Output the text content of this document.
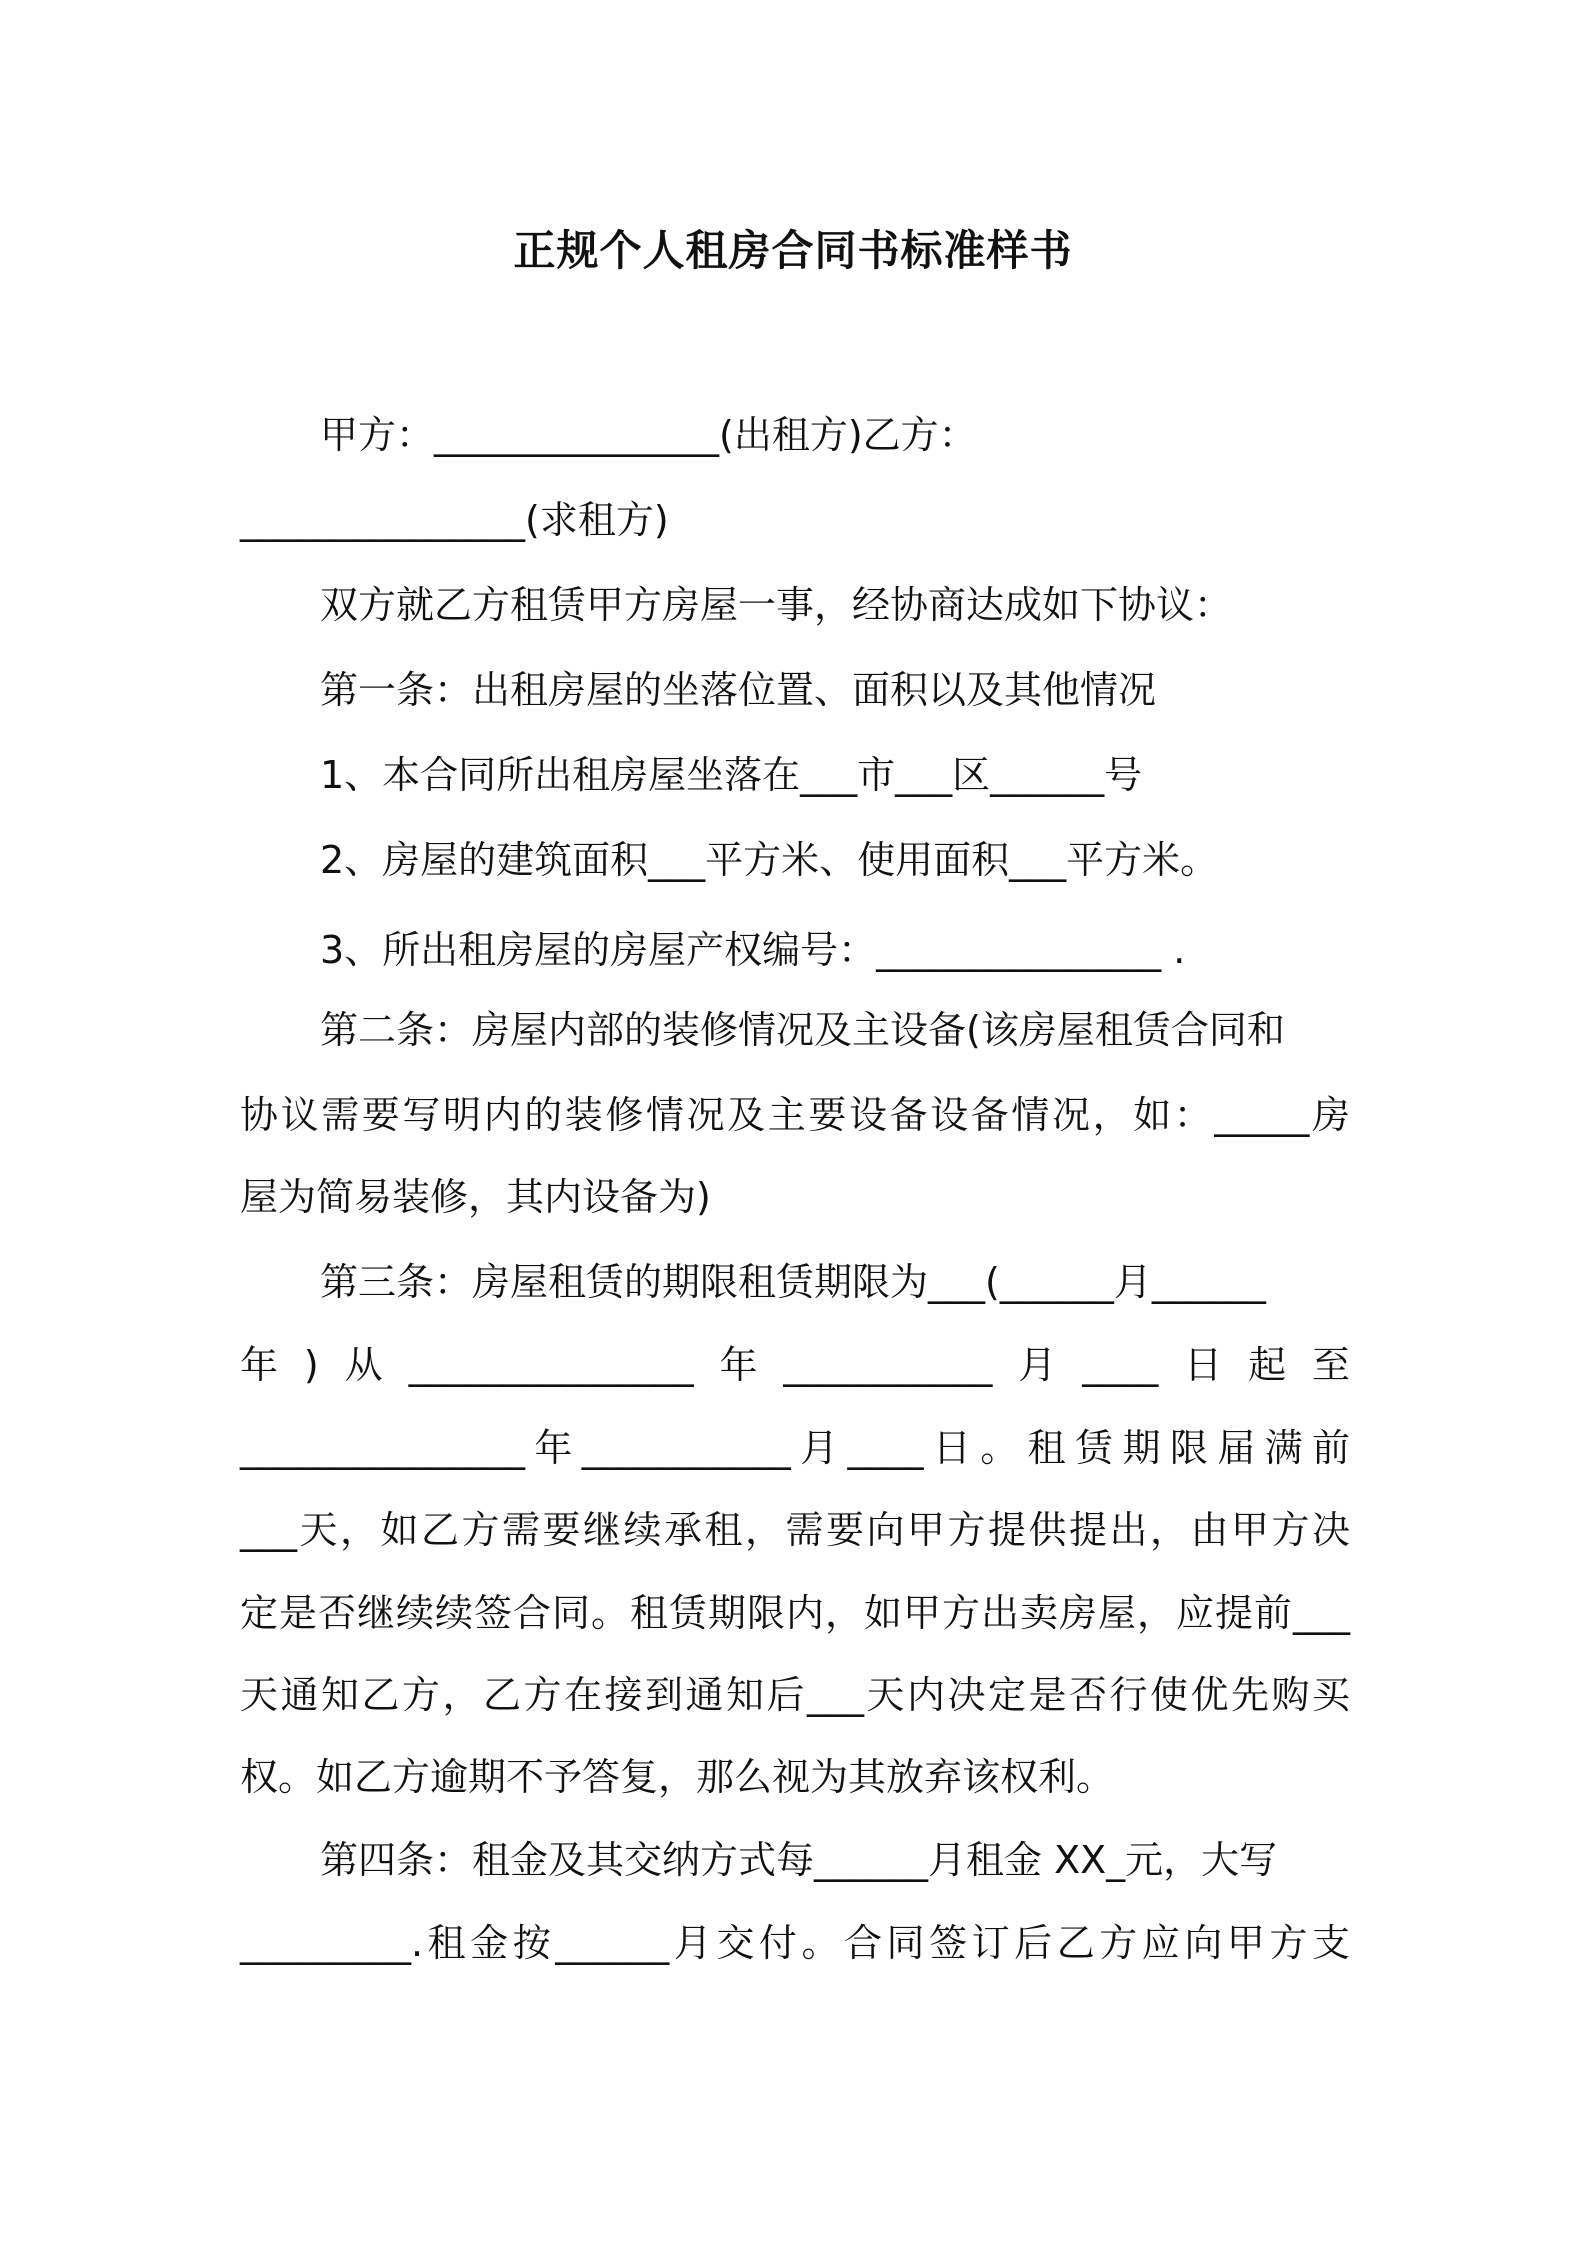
正规个人租房合同书标准样书
甲方：_______________(出租方)乙方：
_______________(求租方)
双方就乙方租赁甲方房屋一事，经协商达成如下协议：
第一条：出租房屋的坐落位置、面积以及其他情况
1、本合同所出租房屋坐落在___市___区______号
2、房屋的建筑面积___平方米、使用面积___平方米。
3、所出租房屋的房屋产权编号：_______________ .
第二条：房屋内部的装修情况及主设备(该房屋租赁合同和
协议需要写明内的装修情况及主要设备设备情况，如：_____房
屋为简易装修，其内设备为)
第三条：房屋租赁的期限租赁期限为___(______月______
年)从_______________年___________月____日起至
_______________年___________月____日。租赁期限届满前
___天，如乙方需要继续承租，需要向甲方提供提出，由甲方决
定是否继续续签合同。租赁期限内，如甲方出卖房屋，应提前___
天通知乙方，乙方在接到通知后___天内决定是否行使优先购买
权。如乙方逾期不予答复，那么视为其放弃该权利。
第四条：租金及其交纳方式每______月租金 XX_元，大写
_________.租金按______月交付。合同签订后乙方应向甲方支
